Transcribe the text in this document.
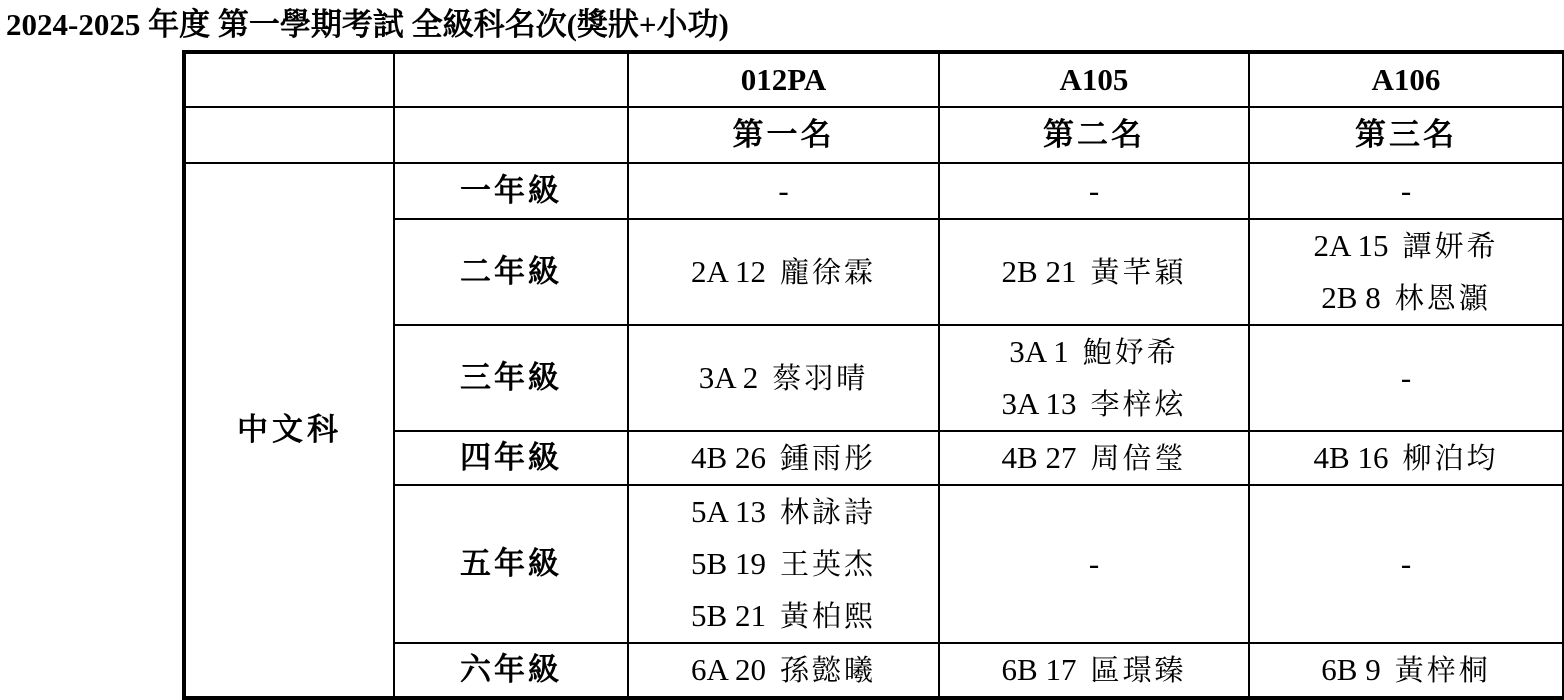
2024-2025 年度 第一學期考試 全級科名次(獎狀+小功)
		012PA	A105	A106
		第一名	第二名	第三名
中文科	一年級	-	-	-

	二年級	2A 12 龐徐霖	2B 21 黃芊穎	2A 15 譚妍希
2B 8 林恩灝

	三年級	3A 2 蔡羽晴	3A 1 鮑妤希
3A 13 李梓炫	-

	四年級	4B 26 鍾雨彤	4B 27 周倍瑩	4B 16 柳泊均

	五年級	5A 13 林詠詩
5B 19 王英杰
5B 21 黃柏熙	-	-

	六年級	6A 20 孫懿曦	6B 17 區璟臻	6B 9 黃梓桐
